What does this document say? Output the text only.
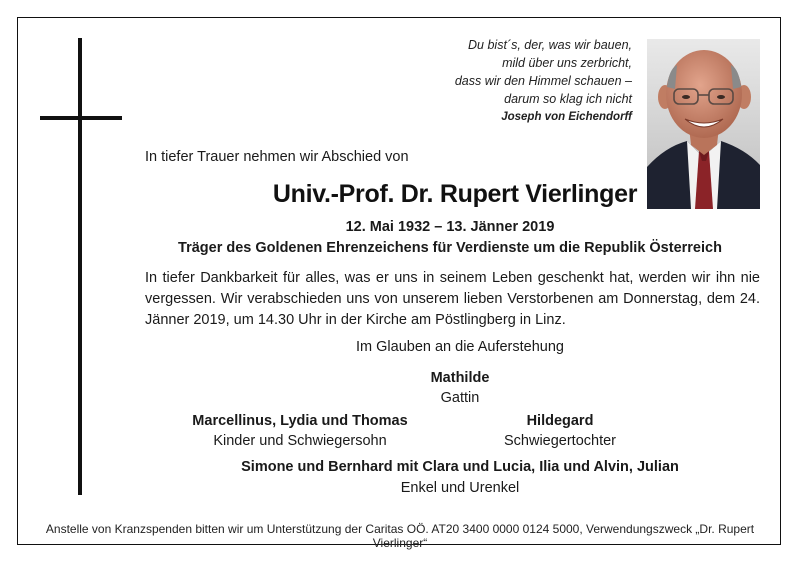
Du bist´s, der, was wir bauen,
mild über uns zerbricht,
dass wir den Himmel schauen –
darum so klag ich nicht
Joseph von Eichendorff
In tiefer Trauer nehmen wir Abschied von
Univ.-Prof. Dr. Rupert Vierlinger
12. Mai 1932 – 13. Jänner 2019
Träger des Goldenen Ehrenzeichens für Verdienste um die Republik Österreich
In tiefer Dankbarkeit für alles, was er uns in seinem Leben geschenkt hat, werden wir ihn nie vergessen. Wir verabschieden uns von unserem lieben Verstorbenen am Donnerstag, dem 24. Jänner 2019, um 14.30 Uhr in der Kirche am Pöstlingberg in Linz.
Im Glauben an die Auferstehung
Mathilde
Gattin
Marcellinus, Lydia und Thomas
Kinder und Schwiegersohn
Hildegard
Schwiegertochter
Simone und Bernhard mit Clara und Lucia, Ilia und Alvin, Julian
Enkel und Urenkel
Anstelle von Kranzspenden bitten wir um Unterstützung der Caritas OÖ. AT20 3400 0000 0124 5000, Verwendungszweck „Dr. Rupert Vierlinger“
